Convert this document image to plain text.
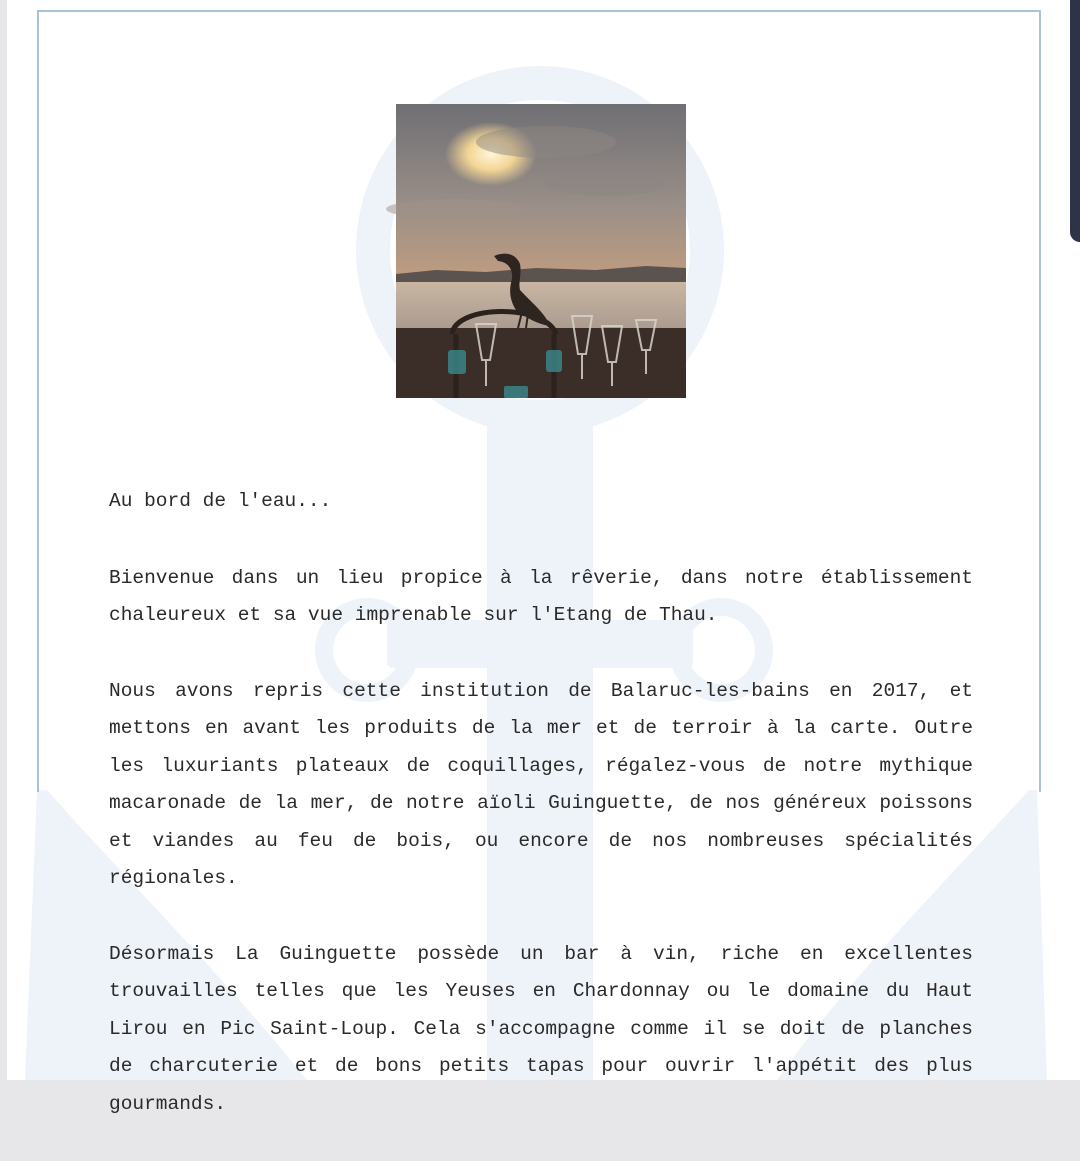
Au bord de l'eau...

Bienvenue dans un lieu propice à la rêverie, dans notre établissement chaleureux et sa vue imprenable sur l'Etang de Thau.

Nous avons repris cette institution de Balaruc-les-bains en 2017, et mettons en avant les produits de la mer et de terroir à la carte. Outre les luxuriants plateaux de coquillages, régalez-vous de notre mythique macaronade de la mer, de notre aïoli Guinguette, de nos généreux poissons et viandes au feu de bois, ou encore de nos nombreuses spécialités régionales.

Désormais La Guinguette possède un bar à vin, riche en excellentes trouvailles telles que les Yeuses en Chardonnay ou le domaine du Haut Lirou en Pic Saint-Loup. Cela s'accompagne comme il se doit de planches de charcuterie et de bons petits tapas pour ouvrir l'appétit des plus gourmands.
